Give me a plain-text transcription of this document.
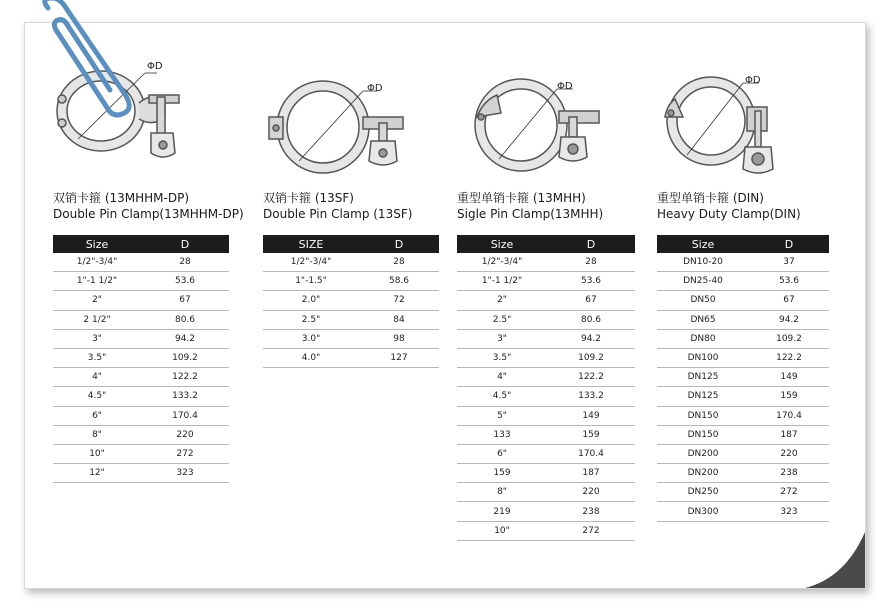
ΦD
双销卡箍 (13MHHM-DP)
Double Pin Clamp(13MHHM-DP)
Size	D
1/2"-3/4"	28
1"-1 1/2"	53.6
2"	67
2 1/2"	80.6
3"	94.2
3.5"	109.2
4"	122.2
4.5"	133.2
6"	170.4
8"	220
10"	272
12"	323
ΦD
双销卡箍 (13SF)
Double Pin Clamp (13SF)
SIZE	D
1/2"-3/4"	28
1"-1.5"	58.6
2.0"	72
2.5"	84
3.0"	98
4.0"	127
ΦD
重型单销卡箍 (13MHH)
Sigle Pin Clamp(13MHH)
Size	D
1/2"-3/4"	28
1"-1 1/2"	53.6
2"	67
2.5"	80.6
3"	94.2
3.5"	109.2
4"	122.2
4.5"	133.2
5"	149
133	159
6"	170.4
159	187
8"	220
219	238
10"	272
ΦD
重型单销卡箍 (DIN)
Heavy Duty Clamp(DIN)
Size	D
DN10-20	37
DN25-40	53.6
DN50	67
DN65	94.2
DN80	109.2
DN100	122.2
DN125	149
DN125	159
DN150	170.4
DN150	187
DN200	220
DN200	238
DN250	272
DN300	323
